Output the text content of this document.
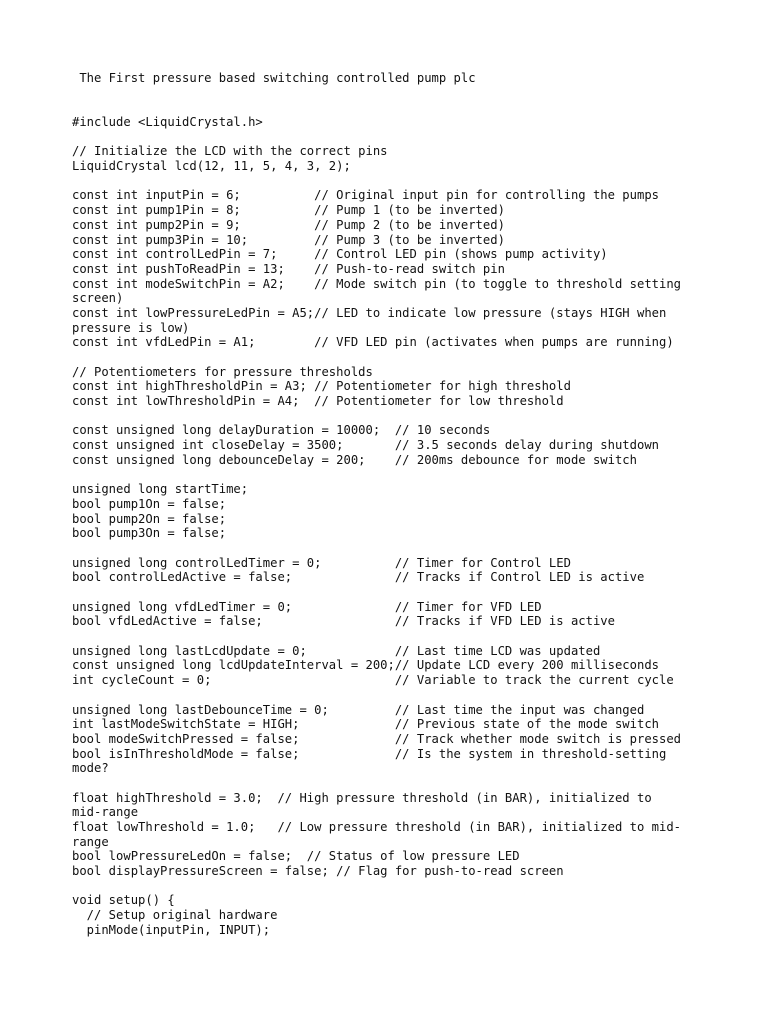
The First pressure based switching controlled pump plc
#include <LiquidCrystal.h>
// Initialize the LCD with the correct pins
LiquidCrystal lcd(12, 11, 5, 4, 3, 2);
const int inputPin = 6;          // Original input pin for controlling the pumps
const int pump1Pin = 8;          // Pump 1 (to be inverted)
const int pump2Pin = 9;          // Pump 2 (to be inverted)
const int pump3Pin = 10;         // Pump 3 (to be inverted)
const int controlLedPin = 7;     // Control LED pin (shows pump activity)
const int pushToReadPin = 13;    // Push-to-read switch pin
const int modeSwitchPin = A2;    // Mode switch pin (to toggle to threshold setting
screen)
const int lowPressureLedPin = A5;// LED to indicate low pressure (stays HIGH when
pressure is low)
const int vfdLedPin = A1;        // VFD LED pin (activates when pumps are running)
// Potentiometers for pressure thresholds
const int highThresholdPin = A3; // Potentiometer for high threshold
const int lowThresholdPin = A4;  // Potentiometer for low threshold
const unsigned long delayDuration = 10000;  // 10 seconds
const unsigned int closeDelay = 3500;       // 3.5 seconds delay during shutdown
const unsigned long debounceDelay = 200;    // 200ms debounce for mode switch
unsigned long startTime;
bool pump1On = false;
bool pump2On = false;
bool pump3On = false;
unsigned long controlLedTimer = 0;          // Timer for Control LED
bool controlLedActive = false;              // Tracks if Control LED is active
unsigned long vfdLedTimer = 0;              // Timer for VFD LED
bool vfdLedActive = false;                  // Tracks if VFD LED is active
unsigned long lastLcdUpdate = 0;            // Last time LCD was updated
const unsigned long lcdUpdateInterval = 200;// Update LCD every 200 milliseconds
int cycleCount = 0;                         // Variable to track the current cycle
unsigned long lastDebounceTime = 0;         // Last time the input was changed
int lastModeSwitchState = HIGH;             // Previous state of the mode switch
bool modeSwitchPressed = false;             // Track whether mode switch is pressed
bool isInThresholdMode = false;             // Is the system in threshold-setting
mode?
float highThreshold = 3.0;  // High pressure threshold (in BAR), initialized to
mid-range
float lowThreshold = 1.0;   // Low pressure threshold (in BAR), initialized to mid-
range
bool lowPressureLedOn = false;  // Status of low pressure LED
bool displayPressureScreen = false; // Flag for push-to-read screen
void setup() {
// Setup original hardware
pinMode(inputPin, INPUT);
